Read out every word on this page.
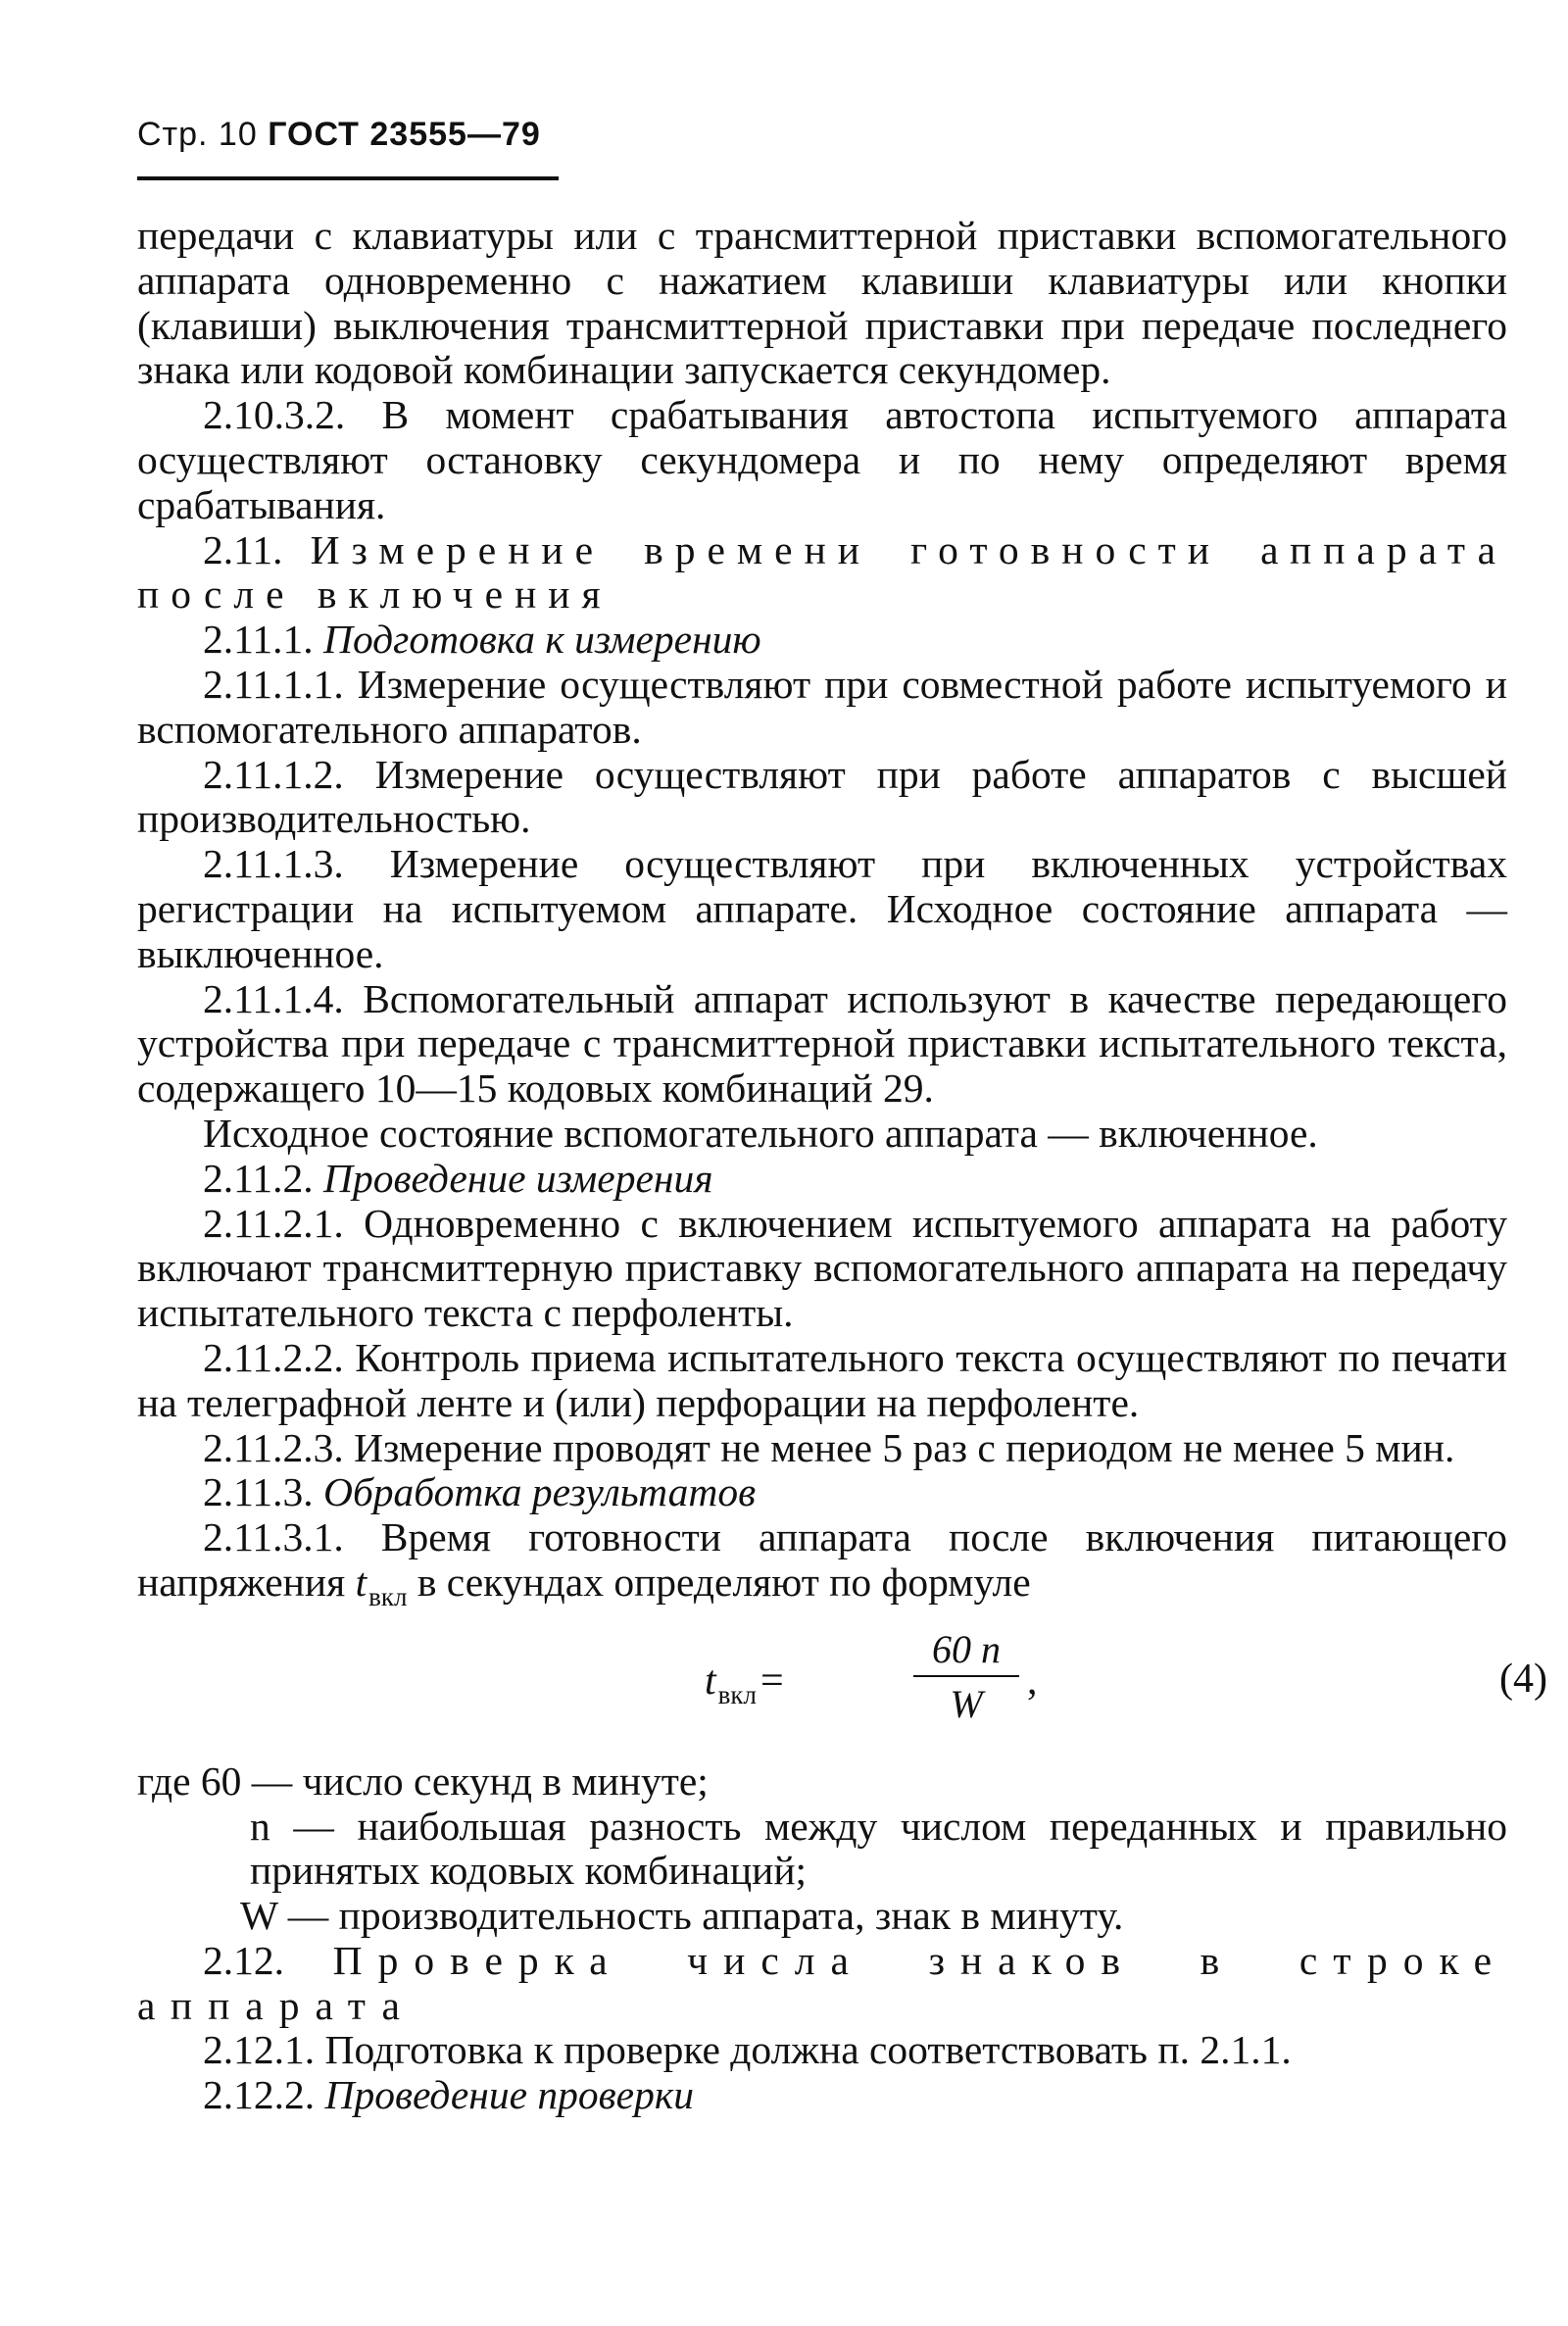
Стр. 10 ГОСТ 23555—79

передачи с клавиатуры или с трансмиттерной приставки вспомогательного аппарата одновременно с нажатием клавиши клавиатуры или кнопки (клавиши) выключения трансмиттерной приставки при передаче последнего знака или кодовой комбинации запускается секундомер.

2.10.3.2. В момент срабатывания автостопа испытуемого аппарата осуществляют остановку секундомера и по нему определяют время срабатывания.

2.11. Измерение времени готовности аппарата после включения

2.11.1. Подготовка к измерению

2.11.1.1. Измерение осуществляют при совместной работе испытуемого и вспомогательного аппаратов.

2.11.1.2. Измерение осуществляют при работе аппаратов с высшей производительностью.

2.11.1.3. Измерение осуществляют при включенных устройствах регистрации на испытуемом аппарате. Исходное состояние аппарата — выключенное.

2.11.1.4. Вспомогательный аппарат используют в качестве передающего устройства при передаче с трансмиттерной приставки испытательного текста, содержащего 10—15 кодовых комбинаций 29.

Исходное состояние вспомогательного аппарата — включенное.

2.11.2. Проведение измерения

2.11.2.1. Одновременно с включением испытуемого аппарата на работу включают трансмиттерную приставку вспомогательного аппарата на передачу испытательного текста с перфоленты.

2.11.2.2. Контроль приема испытательного текста осуществляют по печати на телеграфной ленте и (или) перфорации на перфоленте.

2.11.2.3. Измерение проводят не менее 5 раз с периодом не менее 5 мин.

2.11.3. Обработка результатов

2.11.3.1. Время готовности аппарата после включения питающего напряжения $t_{вкл}$ в секундах определяют по формуле

$t_{вкл}=$
60 n
W
,	(4)

где 60 — число секунд в минуте;

n — наибольшая разность между числом переданных и правильно принятых кодовых комбинаций;

W — производительность аппарата, знак в минуту.

2.12. Проверка числа знаков в строке аппарата

2.12.1. Подготовка к проверке должна соответствовать п. 2.1.1.

2.12.2. Проведение проверки
